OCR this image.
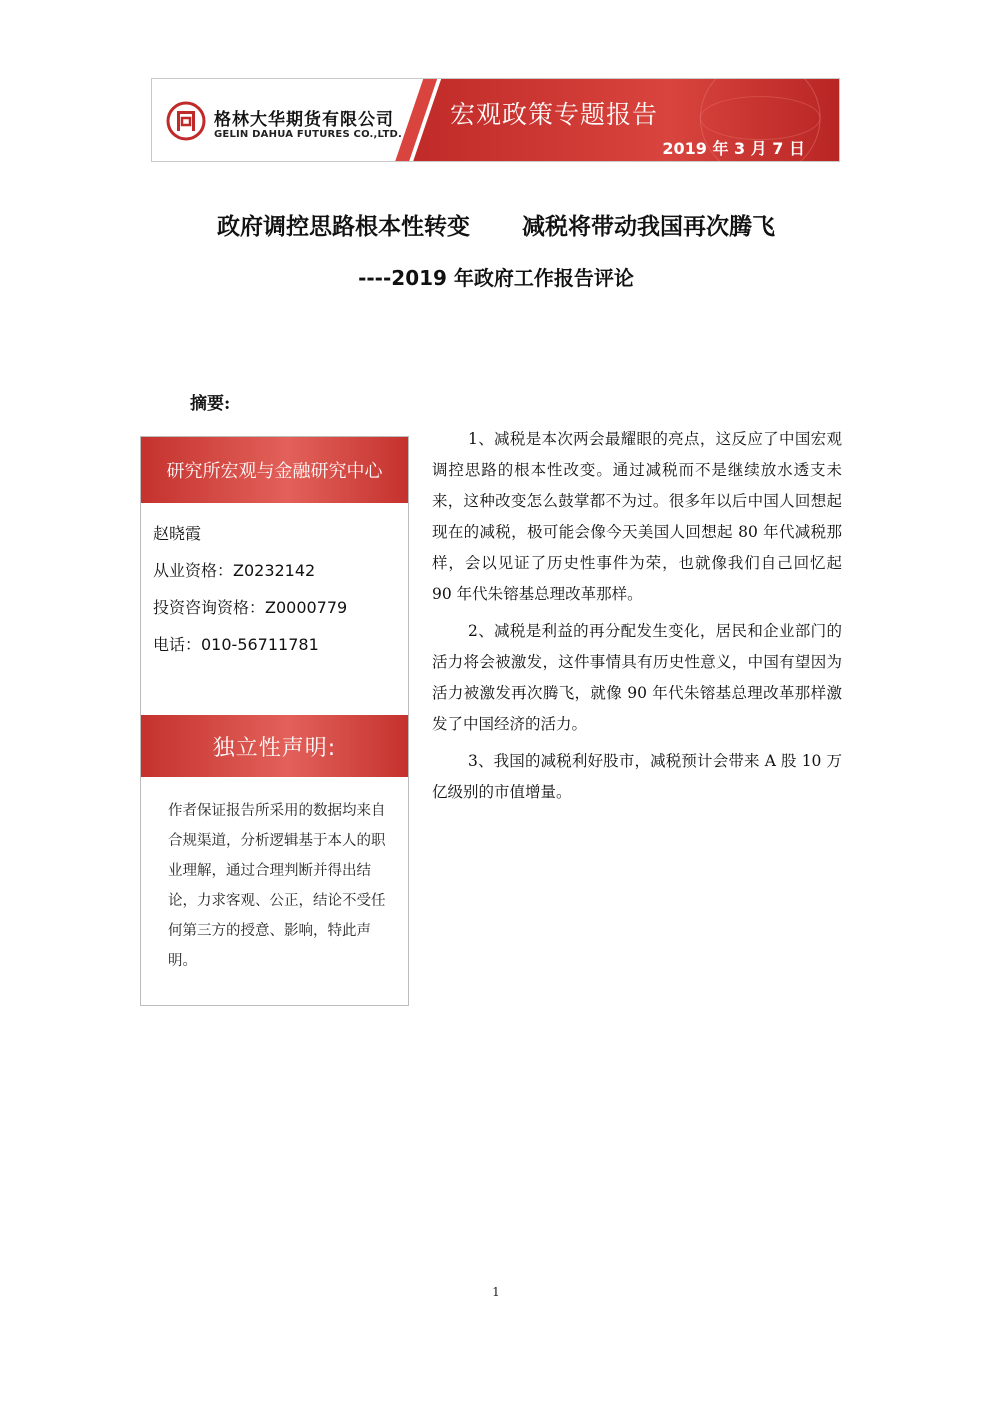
格林大华期货有限公司
GELIN DAHUA FUTURES CO.,LTD.
宏观政策专题报告
2019 年 3 月 7 日
政府调控思路根本性转变 减税将带动我国再次腾飞
----2019 年政府工作报告评论
摘要:
研究所宏观与金融研究中心
赵晓霞
从业资格：Z0232142
投资咨询资格：Z0000779
电话：010-56711781
独立性声明:
作者保证报告所采用的数据均来自合规渠道，分析逻辑基于本人的职业理解，通过合理判断并得出结论，力求客观、公正，结论不受任何第三方的授意、影响，特此声明。

1、减税是本次两会最耀眼的亮点，这反应了中国宏观调控思路的根本性改变。通过减税而不是继续放水透支未来，这种改变怎么鼓掌都不为过。很多年以后中国人回想起现在的减税，极可能会像今天美国人回想起 80 年代减税那样，会以见证了历史性事件为荣，也就像我们自己回忆起 90 年代朱镕基总理改革那样。

2、减税是利益的再分配发生变化，居民和企业部门的活力将会被激发，这件事情具有历史性意义，中国有望因为活力被激发再次腾飞，就像 90 年代朱镕基总理改革那样激发了中国经济的活力。

3、我国的减税利好股市，减税预计会带来 A 股 10 万亿级别的市值增量。

1
